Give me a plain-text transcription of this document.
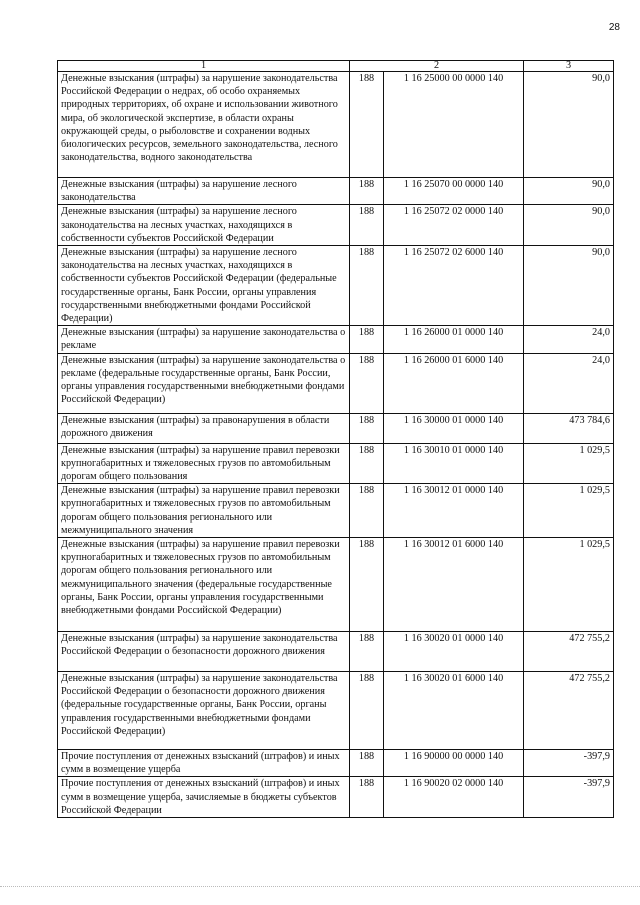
28
1	2		3
Денежные взыскания (штрафы) за нарушение законодательства Российской Федерации о недрах, об особо охраняемых природных территориях, об охране и использовании животного мира, об экологической экспертизе, в области охраны окружающей среды, о рыболовстве и сохранении водных биологических ресурсов, земельного законодательства, лесного законодательства, водного законодательства	188	1 16 25000 00 0000 140	90,0
Денежные взыскания (штрафы) за нарушение лесного законодательства	188	1 16 25070 00 0000 140	90,0
Денежные взыскания (штрафы) за нарушение лесного законодательства на лесных участках, находящихся в собственности субъектов Российской Федерации	188	1 16 25072 02 0000 140	90,0
Денежные взыскания (штрафы) за нарушение лесного законодательства на лесных участках, находящихся в собственности субъектов Российской Федерации (федеральные государственные органы, Банк России, органы управления государственными внебюджетными фондами Российской Федерации)	188	1 16 25072 02 6000 140	90,0
Денежные взыскания (штрафы) за нарушение законодательства о рекламе	188	1 16 26000 01 0000 140	24,0
Денежные взыскания (штрафы) за нарушение законодательства о рекламе (федеральные государственные органы, Банк России, органы управления государственными внебюджетными фондами Российской Федерации)	188	1 16 26000 01 6000 140	24,0
Денежные взыскания (штрафы) за правонарушения в области дорожного движения	188	1 16 30000 01 0000 140	473 784,6
Денежные взыскания (штрафы) за нарушение правил перевозки крупногабаритных и тяжеловесных грузов по автомобильным дорогам общего пользования	188	1 16 30010 01 0000 140	1 029,5
Денежные взыскания (штрафы) за нарушение правил перевозки крупногабаритных и тяжеловесных грузов по автомобильным дорогам общего пользования регионального или межмуниципального значения	188	1 16 30012 01 0000 140	1 029,5
Денежные взыскания (штрафы) за нарушение правил перевозки крупногабаритных и тяжеловесных грузов по автомобильным дорогам общего пользования регионального или межмуниципального значения (федеральные государственные органы, Банк России, органы управления государственными внебюджетными фондами Российской Федерации)	188	1 16 30012 01 6000 140	1 029,5
Денежные взыскания (штрафы) за нарушение законодательства Российской Федерации о безопасности дорожного движения	188	1 16 30020 01 0000 140	472 755,2
Денежные взыскания (штрафы) за нарушение законодательства Российской Федерации о безопасности дорожного движения (федеральные государственные органы, Банк России, органы управления государственными внебюджетными фондами Российской Федерации)	188	1 16 30020 01 6000 140	472 755,2
Прочие поступления от денежных взысканий (штрафов) и иных сумм в возмещение ущерба	188	1 16 90000 00 0000 140	-397,9
Прочие поступления от денежных взысканий (штрафов) и иных сумм в возмещение ущерба, зачисляемые в бюджеты субъектов Российской Федерации	188	1 16 90020 02 0000 140	-397,9
